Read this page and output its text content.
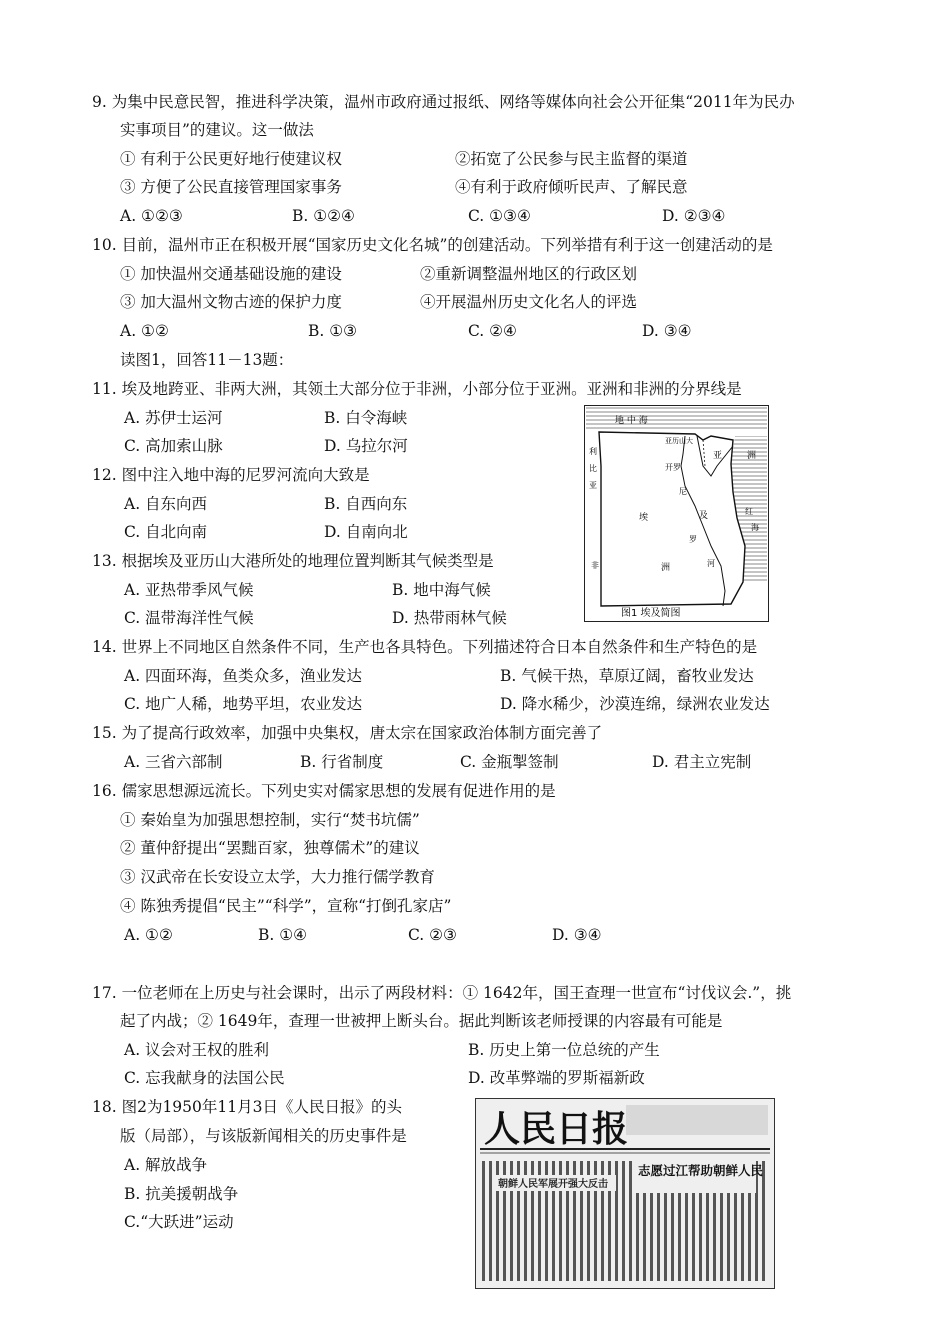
9. 为集中民意民智，推进科学决策，温州市政府通过报纸、网络等媒体向社会公开征集“2011年为民办
实事项目”的建议。这一做法
① 有利于公民更好地行使建议权	②拓宽了公民参与民主监督的渠道
③ 方便了公民直接管理国家事务	④有利于政府倾听民声、了解民意
A. ①②③	B. ①②④	C. ①③④	D. ②③④
10. 目前，温州市正在积极开展“国家历史文化名城”的创建活动。下列举措有利于这一创建活动的是
① 加快温州交通基础设施的建设	②重新调整温州地区的行政区划
③ 加大温州文物古迹的保护力度	④开展温州历史文化名人的评选
A. ①②	B. ①③	C. ②④	D. ③④
读图1，回答11－13题：
11. 埃及地跨亚、非两大洲，其领土大部分位于非洲，小部分位于亚洲。亚洲和非洲的分界线是
A. 苏伊士运河	B. 白令海峡
C. 高加索山脉	D. 乌拉尔河
12. 图中注入地中海的尼罗河流向大致是
A. 自东向西	B. 自西向东
C. 自北向南	D. 自南向北
13. 根据埃及亚历山大港所处的地理位置判断其气候类型是
A. 亚热带季风气候	B. 地中海气候
C. 温带海洋性气候	D. 热带雨林气候
地 中 海
亚历山大
开罗
利
比
亚
亚	洲
红
海
埃	及
尼
罗
河
非	洲
图1 埃及简图
14. 世界上不同地区自然条件不同，生产也各具特色。下列描述符合日本自然条件和生产特色的是
A. 四面环海，鱼类众多，渔业发达	B. 气候干热，草原辽阔，畜牧业发达
C. 地广人稀，地势平坦，农业发达	D. 降水稀少，沙漠连绵，绿洲农业发达
15. 为了提高行政效率，加强中央集权，唐太宗在国家政治体制方面完善了
A. 三省六部制	B. 行省制度	C. 金瓶掣签制	D. 君主立宪制
16. 儒家思想源远流长。下列史实对儒家思想的发展有促进作用的是
① 秦始皇为加强思想控制，实行“焚书坑儒”
② 董仲舒提出“罢黜百家，独尊儒术”的建议
③ 汉武帝在长安设立太学，大力推行儒学教育
④ 陈独秀提倡“民主”“科学”，宣称“打倒孔家店”
A. ①②	B. ①④	C. ②③	D. ③④
17. 一位老师在上历史与社会课时，出示了两段材料：① 1642年，国王查理一世宣布“讨伐议会.”，挑
起了内战；② 1649年，查理一世被押上断头台。据此判断该老师授课的内容最有可能是
A. 议会对王权的胜利	B. 历史上第一位总统的产生
C. 忘我献身的法国公民	D. 改革弊端的罗斯福新政
18. 图2为1950年11月3日《人民日报》的头
版（局部），与该版新闻相关的历史事件是
A. 解放战争
B. 抗美援朝战争
C.“大跃进”运动
人民日报
志愿过江帮助朝鲜人民
朝鲜人民军展开强大反击
